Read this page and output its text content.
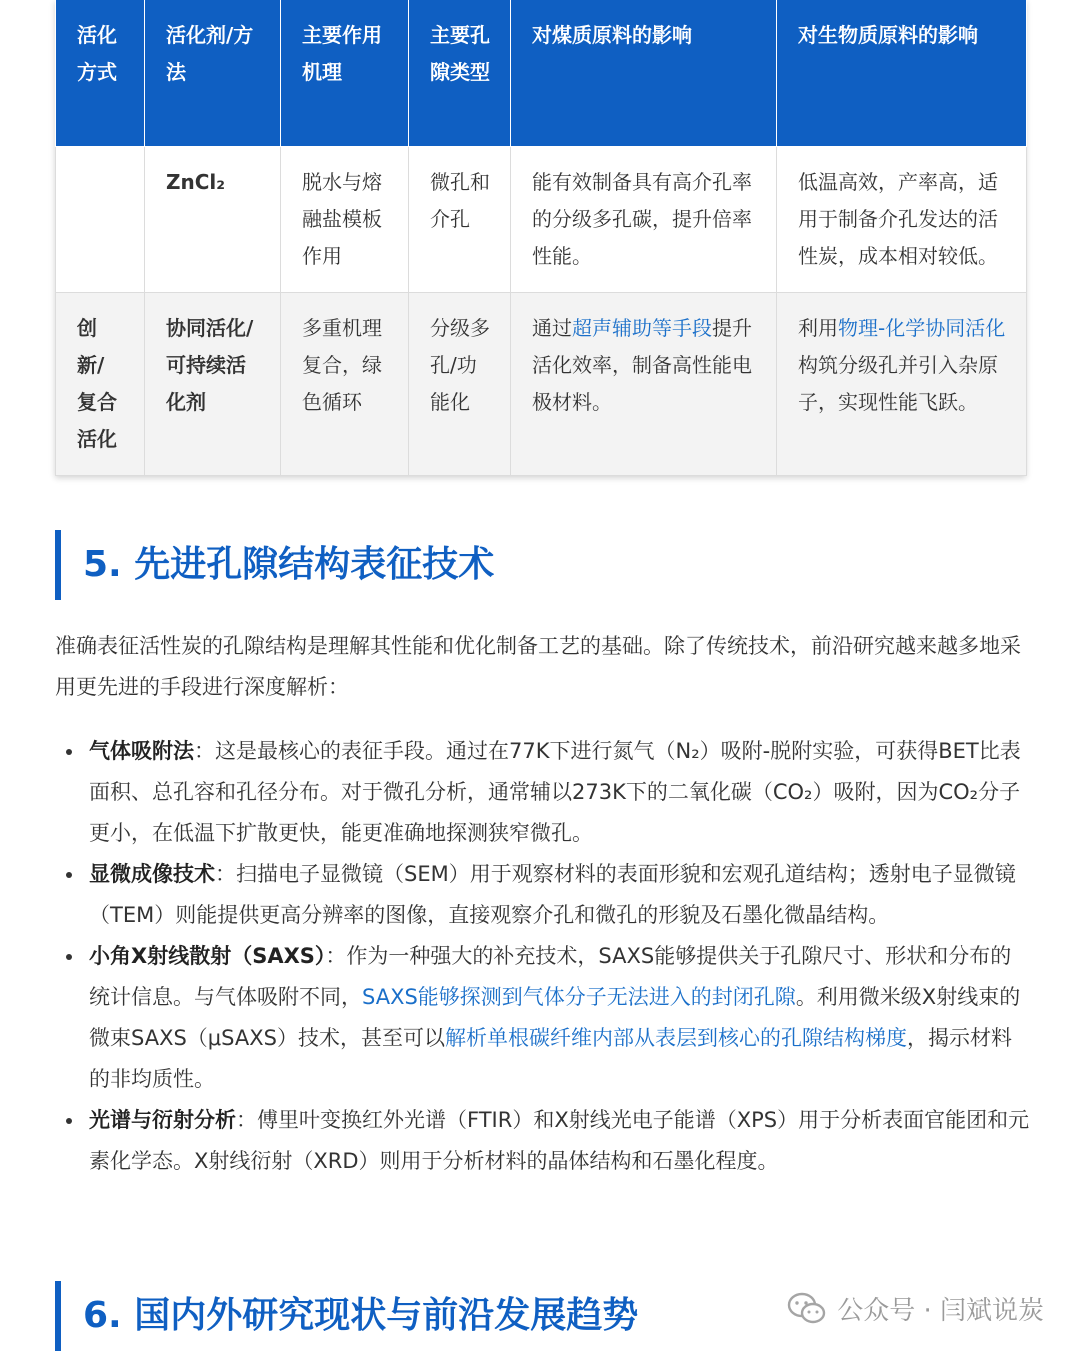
活化方式	活化剂/方法	主要作用机理	主要孔隙类型	对煤质原料的影响	对生物质原料的影响
	ZnCl₂	脱水与熔融盐模板作用	微孔和介孔	能有效制备具有高介孔率的分级多孔碳，提升倍率性能。	低温高效，产率高，适用于制备介孔发达的活性炭，成本相对较低。
创新/复合活化	协同活化/可持续活化剂	多重机理复合，绿色循环	分级多孔/功能化	通过超声辅助等手段提升活化效率，制备高性能电极材料。	利用物理-化学协同活化构筑分级孔并引入杂原子，实现性能飞跃。
5. 先进孔隙结构表征技术
准确表征活性炭的孔隙结构是理解其性能和优化制备工艺的基础。除了传统技术，前沿研究越来越多地采用更先进的手段进行深度解析：
气体吸附法：这是最核心的表征手段。通过在77K下进行氮气（N₂）吸附-脱附实验，可获得BET比表面积、总孔容和孔径分布。对于微孔分析，通常辅以273K下的二氧化碳（CO₂）吸附，因为CO₂分子更小，在低温下扩散更快，能更准确地探测狭窄微孔。
显微成像技术：扫描电子显微镜（SEM）用于观察材料的表面形貌和宏观孔道结构；透射电子显微镜（TEM）则能提供更高分辨率的图像，直接观察介孔和微孔的形貌及石墨化微晶结构。
小角X射线散射（SAXS）：作为一种强大的补充技术，SAXS能够提供关于孔隙尺寸、形状和分布的统计信息。与气体吸附不同，SAXS能够探测到气体分子无法进入的封闭孔隙。利用微米级X射线束的微束SAXS（μSAXS）技术，甚至可以解析单根碳纤维内部从表层到核心的孔隙结构梯度，揭示材料的非均质性。
光谱与衍射分析：傅里叶变换红外光谱（FTIR）和X射线光电子能谱（XPS）用于分析表面官能团和元素化学态。X射线衍射（XRD）则用于分析材料的晶体结构和石墨化程度。
6. 国内外研究现状与前沿发展趋势	公众号 · 闫斌说炭
